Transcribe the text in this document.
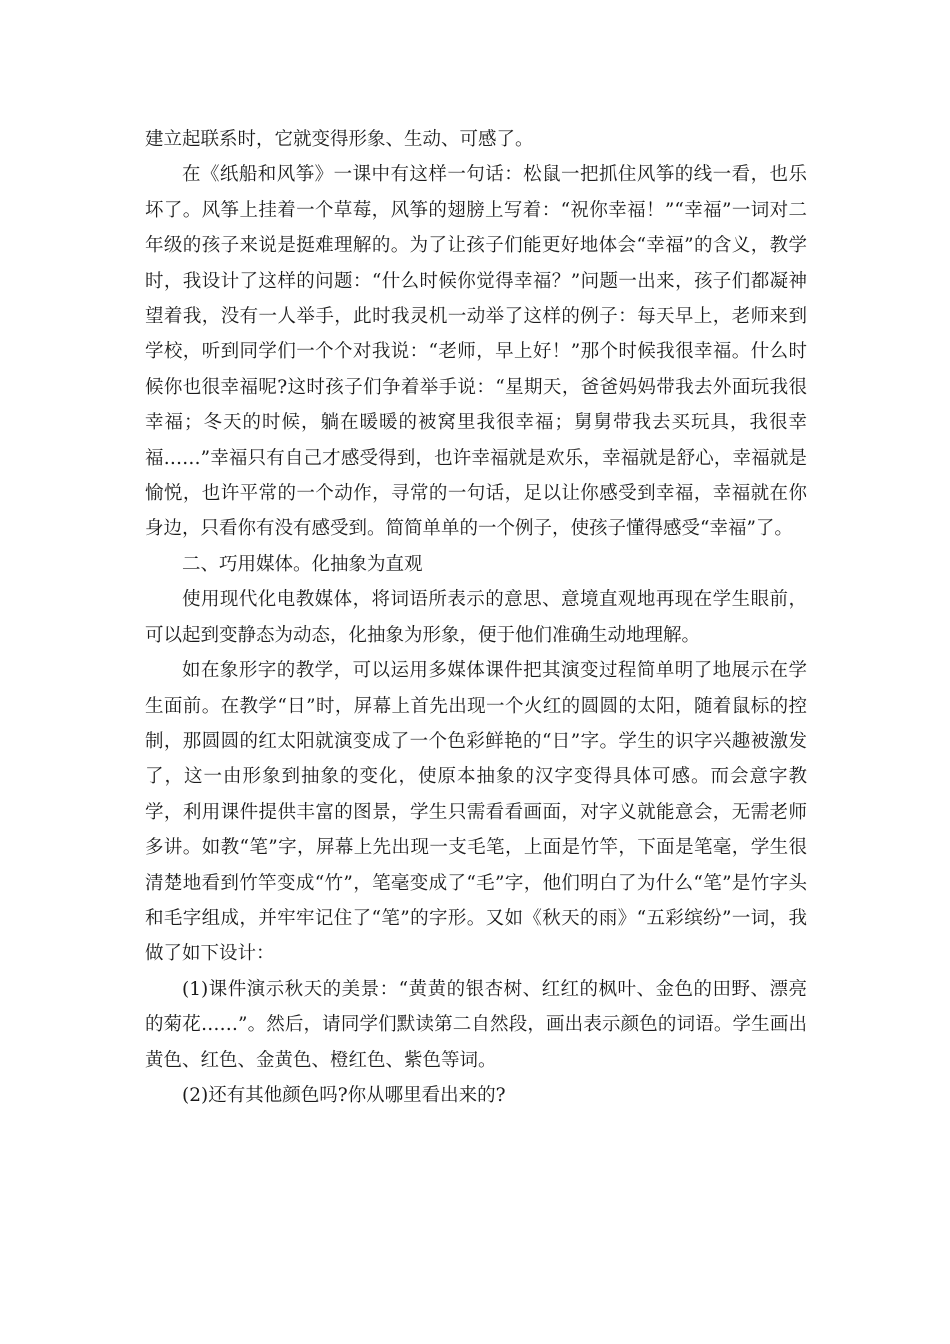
建立起联系时，它就变得形象、生动、可感了。

在《纸船和风筝》一课中有这样一句话：松鼠一把抓住风筝的线一看，也乐坏了。风筝上挂着一个草莓，风筝的翅膀上写着：“祝你幸福！”“幸福”一词对二年级的孩子来说是挺难理解的。为了让孩子们能更好地体会“幸福”的含义，教学时，我设计了这样的问题：“什么时候你觉得幸福？”问题一出来，孩子们都凝神望着我，没有一人举手，此时我灵机一动举了这样的例子：每天早上，老师来到学校，听到同学们一个个对我说：“老师，早上好！”那个时候我很幸福。什么时候你也很幸福呢?这时孩子们争着举手说：“星期天，爸爸妈妈带我去外面玩我很幸福；冬天的时候，躺在暖暖的被窝里我很幸福；舅舅带我去买玩具，我很幸福……”幸福只有自己才感受得到，也许幸福就是欢乐，幸福就是舒心，幸福就是愉悦，也许平常的一个动作，寻常的一句话，足以让你感受到幸福，幸福就在你身边，只看你有没有感受到。简简单单的一个例子，使孩子懂得感受“幸福”了。

二、巧用媒体。化抽象为直观

使用现代化电教媒体，将词语所表示的意思、意境直观地再现在学生眼前，可以起到变静态为动态，化抽象为形象，便于他们准确生动地理解。

如在象形字的教学，可以运用多媒体课件把其演变过程简单明了地展示在学生面前。在教学“日”时，屏幕上首先出现一个火红的圆圆的太阳，随着鼠标的控制，那圆圆的红太阳就演变成了一个色彩鲜艳的“日”字。学生的识字兴趣被激发了，这一由形象到抽象的变化，使原本抽象的汉字变得具体可感。而会意字教学，利用课件提供丰富的图景，学生只需看看画面，对字义就能意会，无需老师多讲。如教“笔”字，屏幕上先出现一支毛笔，上面是竹竿，下面是笔毫，学生很清楚地看到竹竿变成“竹”，笔毫变成了“毛”字，他们明白了为什么“笔”是竹字头和毛字组成，并牢牢记住了“笔”的字形。又如《秋天的雨》“五彩缤纷”一词，我做了如下设计：

(1)课件演示秋天的美景：“黄黄的银杏树、红红的枫叶、金色的田野、漂亮的菊花……”。然后，请同学们默读第二自然段，画出表示颜色的词语。学生画出黄色、红色、金黄色、橙红色、紫色等词。

(2)还有其他颜色吗?你从哪里看出来的?
